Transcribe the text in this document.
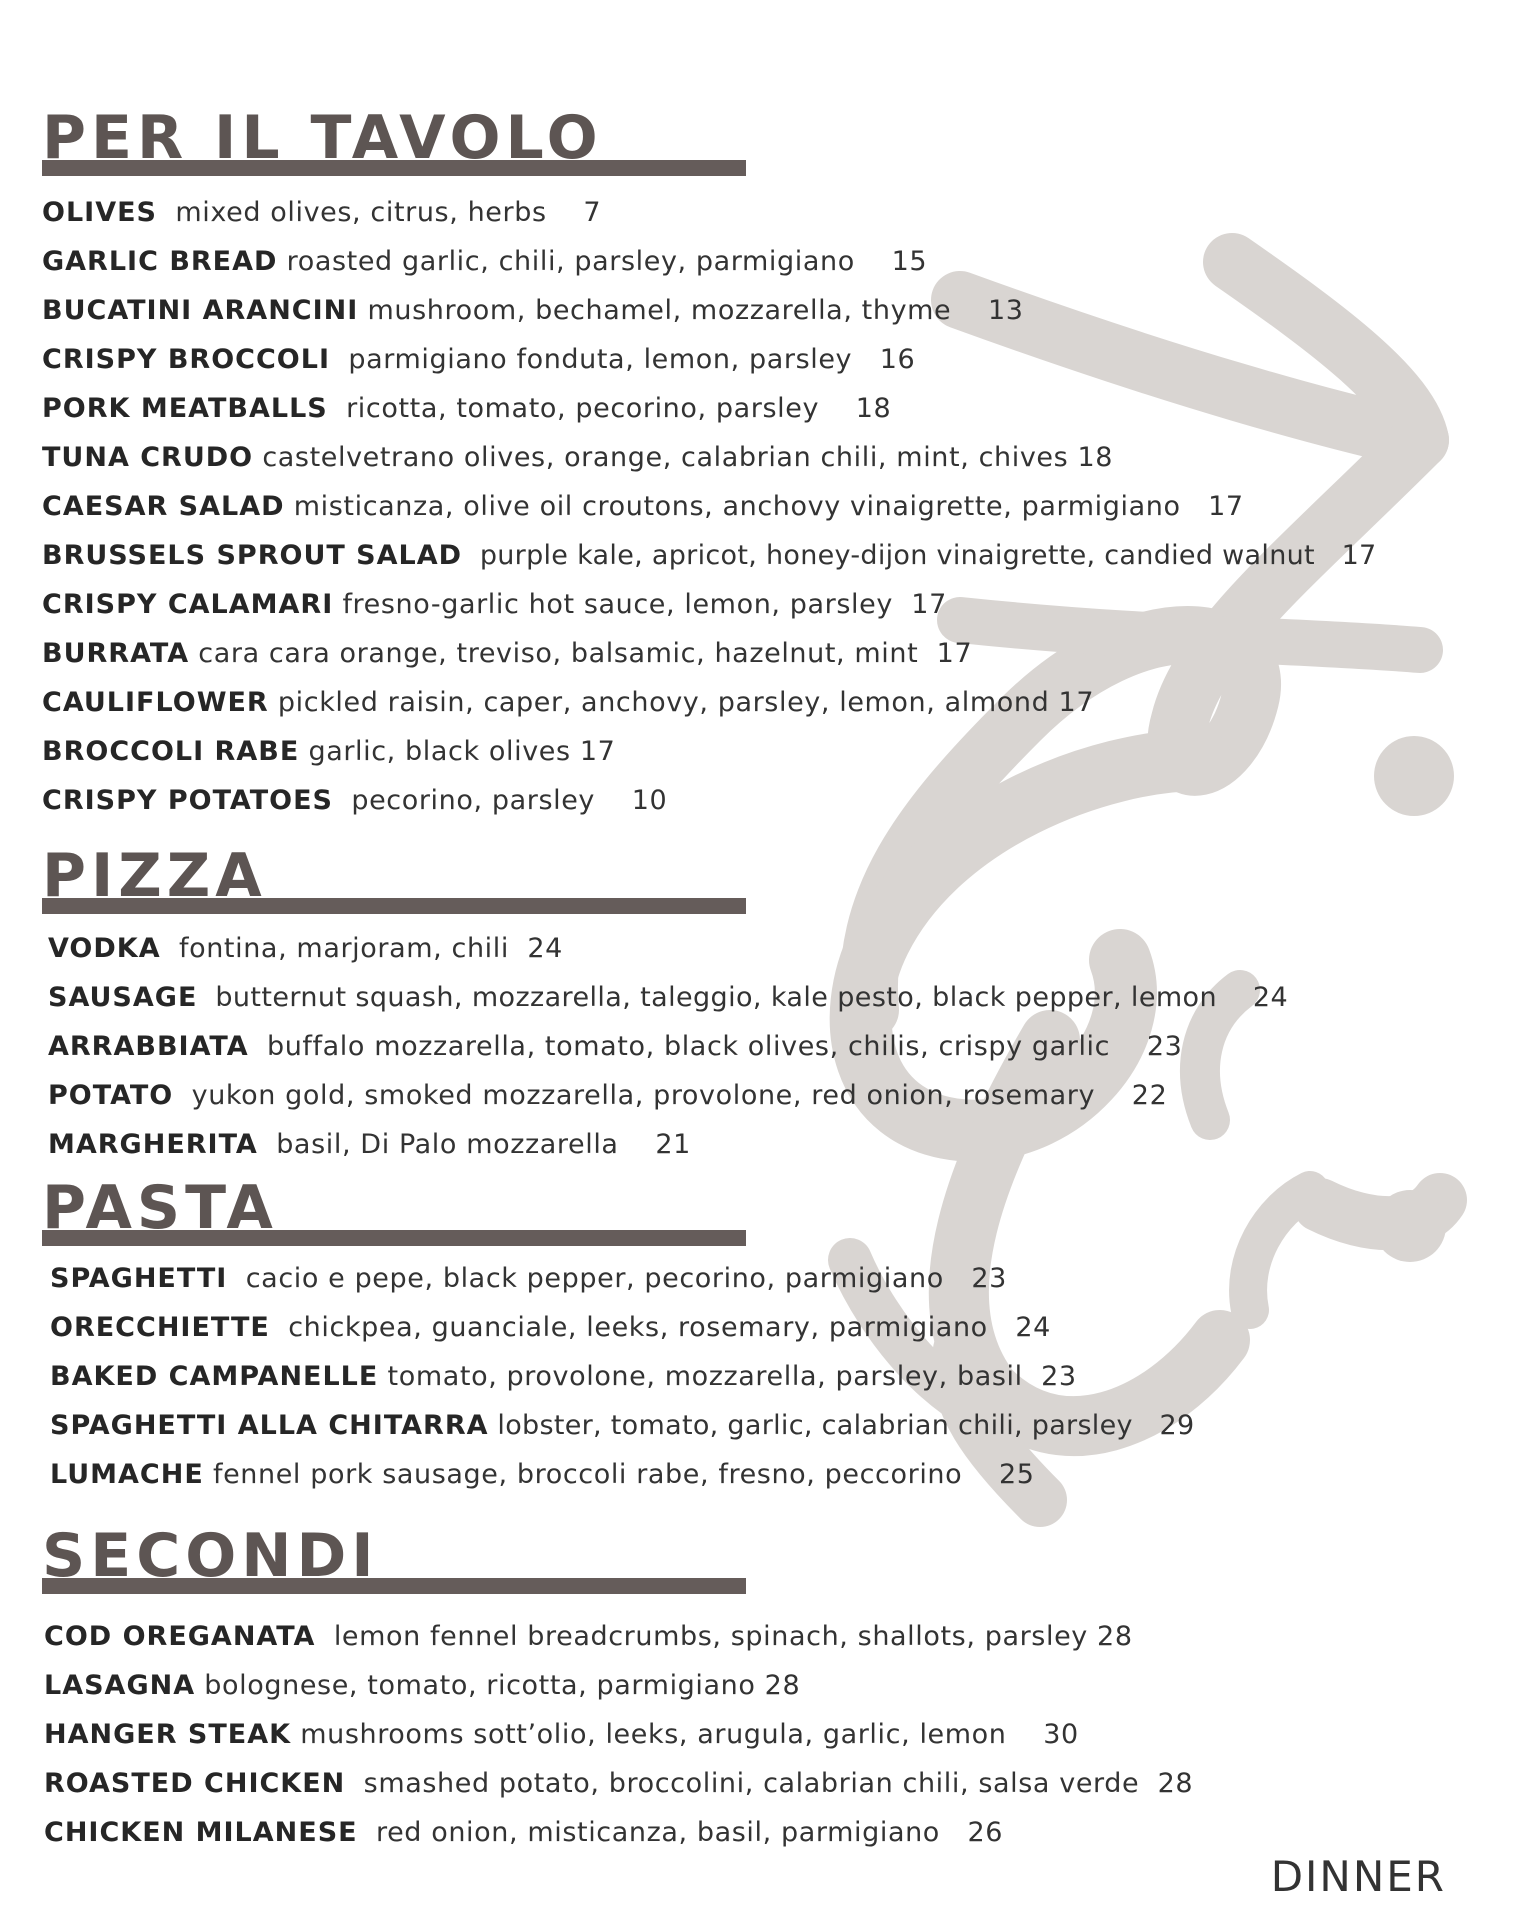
PER IL TAVOLO
OLIVES mixed olives, citrus, herbs 7
GARLIC BREAD roasted garlic, chili, parsley, parmigiano 15
BUCATINI ARANCINI mushroom, bechamel, mozzarella, thyme 13
CRISPY BROCCOLI parmigiano fonduta, lemon, parsley 16
PORK MEATBALLS ricotta, tomato, pecorino, parsley 18
TUNA CRUDO castelvetrano olives, orange, calabrian chili, mint, chives 18
CAESAR SALAD misticanza, olive oil croutons, anchovy vinaigrette, parmigiano 17
BRUSSELS SPROUT SALAD purple kale, apricot, honey-dijon vinaigrette, candied walnut 17
CRISPY CALAMARI fresno-garlic hot sauce, lemon, parsley 17
BURRATA cara cara orange, treviso, balsamic, hazelnut, mint 17
CAULIFLOWER pickled raisin, caper, anchovy, parsley, lemon, almond 17
BROCCOLI RABE garlic, black olives 17
CRISPY POTATOES pecorino, parsley 10
PIZZA
VODKA fontina, marjoram, chili 24
SAUSAGE butternut squash, mozzarella, taleggio, kale pesto, black pepper, lemon 24
ARRABBIATA buffalo mozzarella, tomato, black olives, chilis, crispy garlic 23
POTATO yukon gold, smoked mozzarella, provolone, red onion, rosemary 22
MARGHERITA basil, Di Palo mozzarella 21
PASTA
SPAGHETTI cacio e pepe, black pepper, pecorino, parmigiano 23
ORECCHIETTE chickpea, guanciale, leeks, rosemary, parmigiano 24
BAKED CAMPANELLE tomato, provolone, mozzarella, parsley, basil 23
SPAGHETTI ALLA CHITARRA lobster, tomato, garlic, calabrian chili, parsley 29
LUMACHE fennel pork sausage, broccoli rabe, fresno, peccorino 25
SECONDI
COD OREGANATA lemon fennel breadcrumbs, spinach, shallots, parsley 28
LASAGNA bolognese, tomato, ricotta, parmigiano 28
HANGER STEAK mushrooms sott’olio, leeks, arugula, garlic, lemon 30
ROASTED CHICKEN smashed potato, broccolini, calabrian chili, salsa verde 28
CHICKEN MILANESE red onion, misticanza, basil, parmigiano 26
DINNER
